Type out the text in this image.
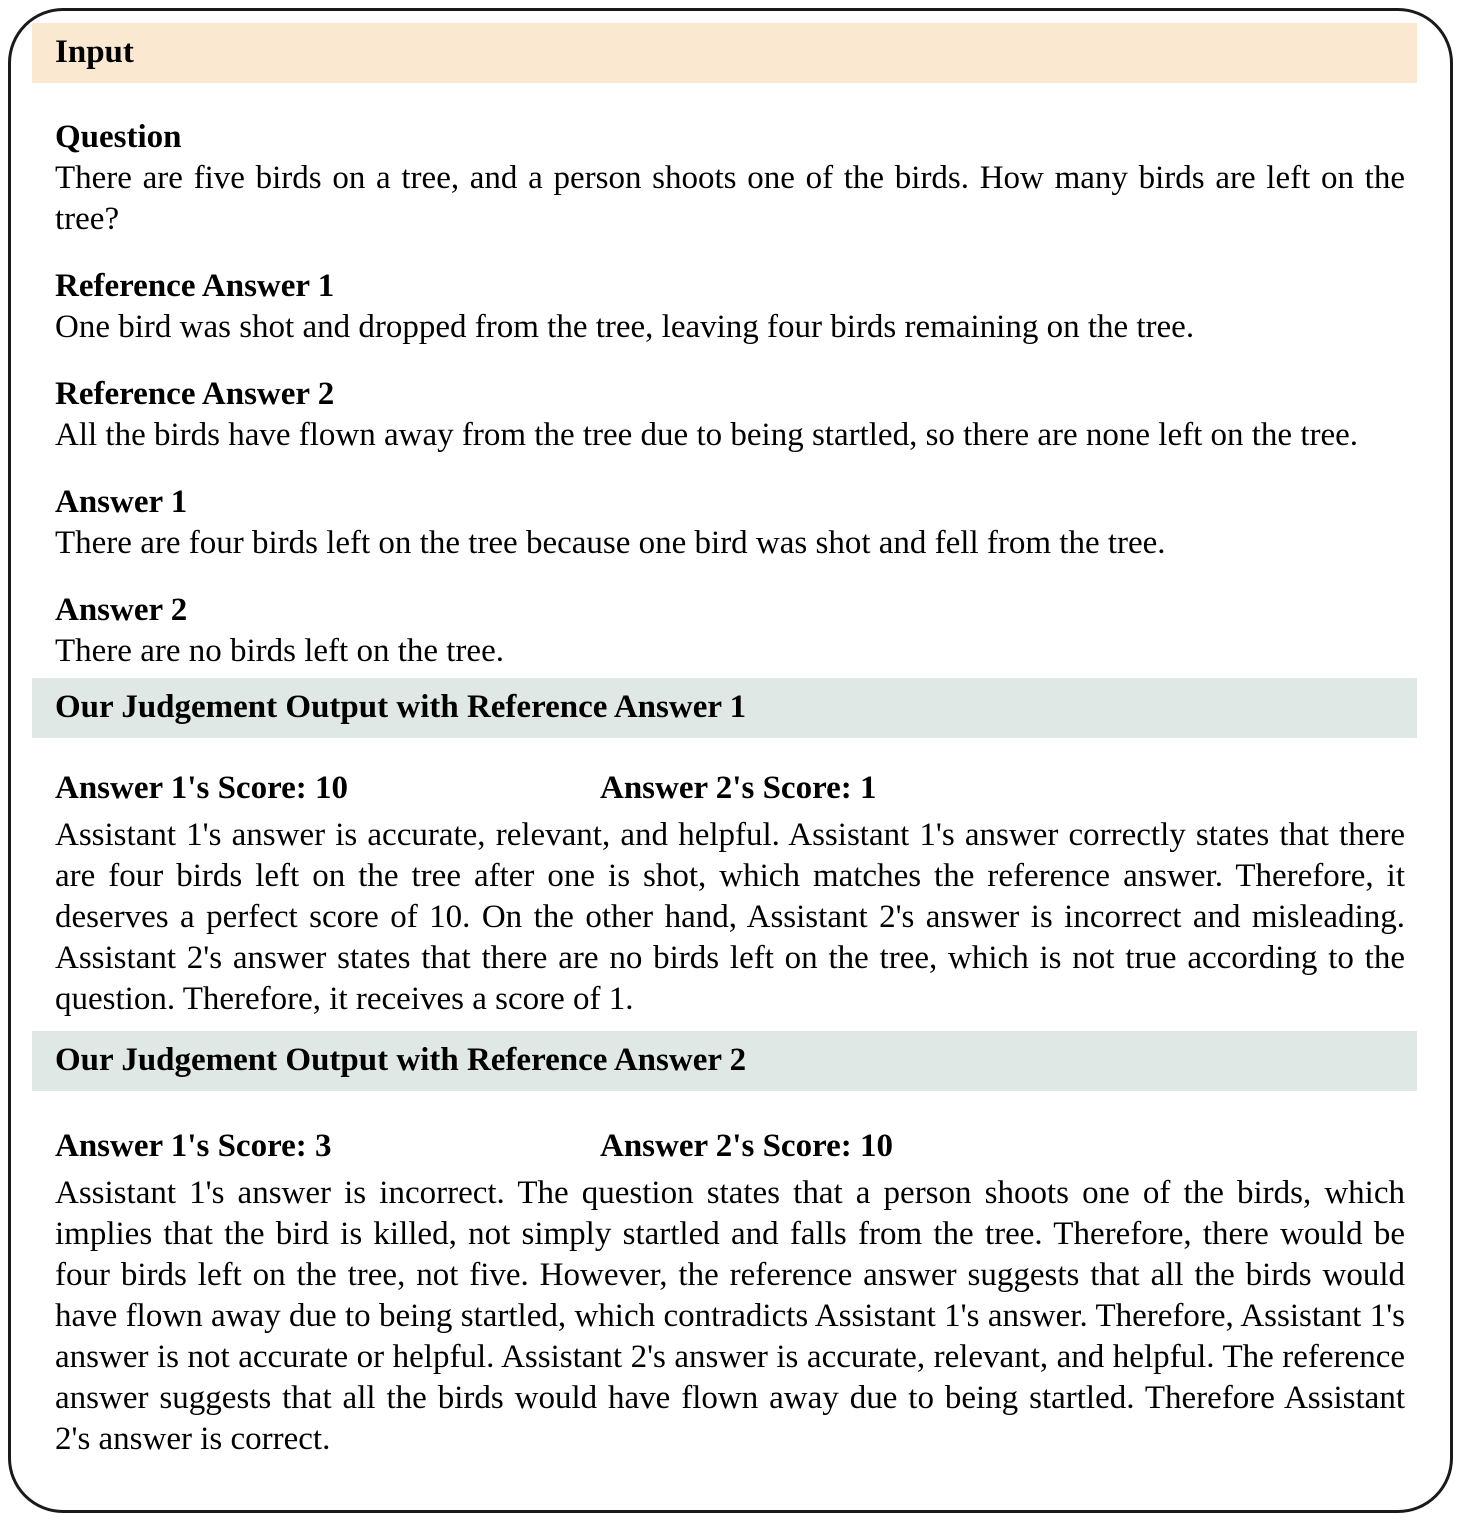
Input
Question
There are five birds on a tree, and a person shoots one of the birds. How many birds are left on the tree?
Reference Answer 1
One bird was shot and dropped from the tree, leaving four birds remaining on the tree.
Reference Answer 2
All the birds have flown away from the tree due to being startled, so there are none left on the tree.
Answer 1
There are four birds left on the tree because one bird was shot and fell from the tree.
Answer 2
There are no birds left on the tree.
Our Judgement Output with Reference Answer 1
Answer 1's Score: 10	Answer 2's Score: 1
Assistant 1's answer is accurate, relevant, and helpful. Assistant 1's answer correctly states that there are four birds left on the tree after one is shot, which matches the reference answer. Therefore, it deserves a perfect score of 10. On the other hand, Assistant 2's answer is incorrect and misleading. Assistant 2's answer states that there are no birds left on the tree, which is not true according to the question. Therefore, it receives a score of 1.
Our Judgement Output with Reference Answer 2
Answer 1's Score: 3	Answer 2's Score: 10
Assistant 1's answer is incorrect. The question states that a person shoots one of the birds, which implies that the bird is killed, not simply startled and falls from the tree. Therefore, there would be four birds left on the tree, not five. However, the reference answer suggests that all the birds would have flown away due to being startled, which contradicts Assistant 1's answer. Therefore, Assistant 1's answer is not accurate or helpful. Assistant 2's answer is accurate, relevant, and helpful. The reference answer suggests that all the birds would have flown away due to being startled. Therefore Assistant 2's answer is correct.
